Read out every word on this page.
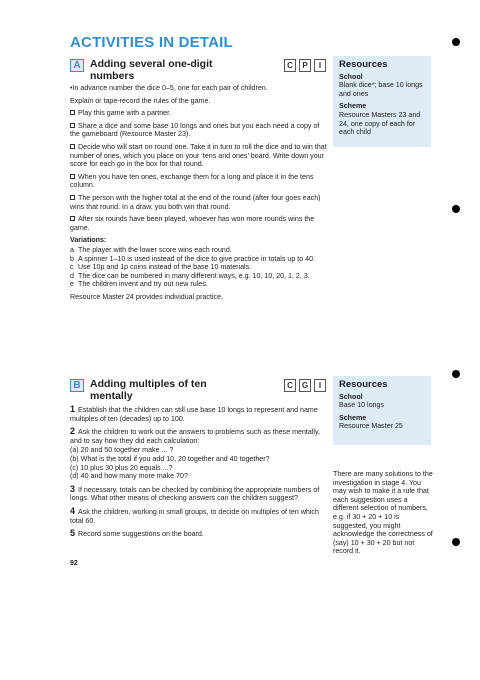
ACTIVITIES IN DETAIL
A Adding several one-digit numbers
C	P	I

•In advance number the dice 0–5, one for each pair of children.

Explain or tape-record the rules of the game.

Play this game with a partner.

Share a dice and some base 10 longs and ones but you each need a copy of the gameboard (Resource Master 23).

Decide who will start on round one. Take it in turn to roll the dice and to win that number of ones, which you place on your ‘tens and ones’ board. Write down your score for each go in the box for that round.

When you have ten ones, exchange them for a long and place it in the tens column.

The person with the higher total at the end of the round (after four goes each) wins that round. In a draw, you both win that round.

After six rounds have been played, whoever has won more rounds wins the game.

Variations:
a The player with the lower score wins each round.
b A spinner 1–10 is used instead of the dice to give practice in totals up to 40.
c Use 10p and 1p coins instead of the base 10 materials.
d The dice can be numbered in many different ways, e.g. 10, 10, 20, 1, 2, 3.
e The children invent and try out new rules.

Resource Master 24 provides individual practice.

Resources
School
Blank dice*; base 10 longs and ones
Scheme
Resource Masters 23 and 24, one copy of each for each child
B Adding multiples of ten mentally
C	G	I

1 Establish that the children can still use base 10 longs to represent and name multiples of ten (decades) up to 100.

2 Ask the children to work out the answers to problems such as these mentally, and to say how they did each calculation:

(a) 20 and 50 together make ... ?
(b) What is the total if you add 10, 20 together and 40 together?
(c) 10 plus 30 plus 20 equals ...?
(d) 40 and how many more make 70?

3 If necessary, totals can be checked by combining the appropriate numbers of longs. What other means of checking answers can the children suggest?

4 Ask the children, working in small groups, to decide on multiples of ten which total 60.

5 Record some suggestions on the board.

Resources
School
Base 10 longs
Scheme
Resource Master 25
There are many solutions to the investigation in stage 4. You may wish to make it a rule that each suggestion uses a different selection of numbers, e.g. if 30 + 20 + 10 is suggested, you might acknowledge the correctness of (say) 10 + 30 + 20 but not record it.
92
